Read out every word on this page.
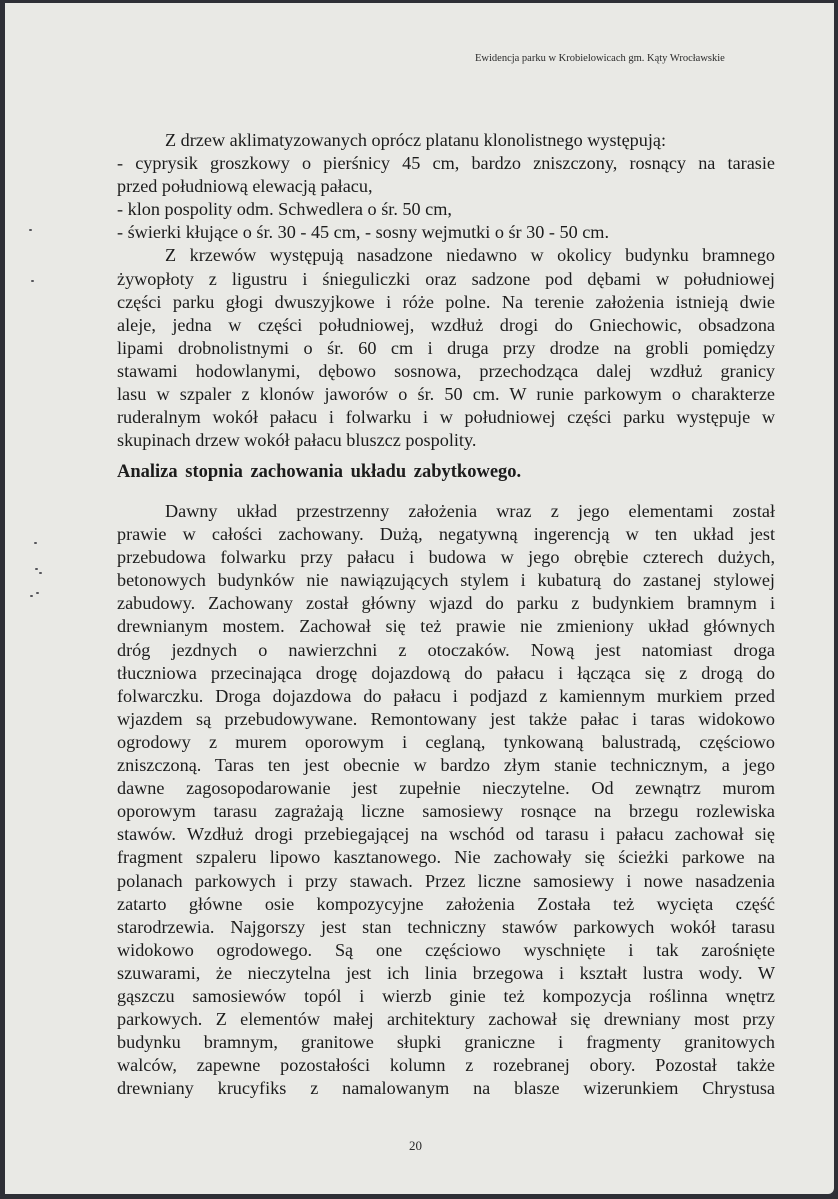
Ewidencja parku w Krobielowicach gm. Kąty Wrocławskie
Z drzew aklimatyzowanych oprócz platanu klonolistnego występują:
- cyprysik groszkowy o pierśnicy 45 cm, bardzo zniszczony, rosnący na tarasie
przed południową elewacją pałacu,
- klon pospolity odm. Schwedlera o śr. 50 cm,
- świerki kłujące o śr. 30 - 45 cm, - sosny wejmutki o śr 30 - 50 cm.
Z krzewów występują nasadzone niedawno w okolicy budynku bramnego
żywopłoty z ligustru i śnieguliczki oraz sadzone pod dębami w południowej
części parku głogi dwuszyjkowe i róże polne. Na terenie założenia istnieją dwie
aleje, jedna w części południowej, wzdłuż drogi do Gniechowic, obsadzona
lipami drobnolistnymi o śr. 60 cm i druga przy drodze na grobli pomiędzy
stawami hodowlanymi, dębowo sosnowa, przechodząca dalej wzdłuż granicy
lasu w szpaler z klonów jaworów o śr. 50 cm. W runie parkowym o charakterze
ruderalnym wokół pałacu i folwarku i w południowej części parku występuje w
skupinach drzew wokół pałacu bluszcz pospolity.
Analiza stopnia zachowania układu zabytkowego.
Dawny układ przestrzenny założenia wraz z jego elementami został
prawie w całości zachowany. Dużą, negatywną ingerencją w ten układ jest
przebudowa folwarku przy pałacu i budowa w jego obrębie czterech dużych,
betonowych budynków nie nawiązujących stylem i kubaturą do zastanej stylowej
zabudowy. Zachowany został główny wjazd do parku z budynkiem bramnym i
drewnianym mostem. Zachował się też prawie nie zmieniony układ głównych
dróg jezdnych o nawierzchni z otoczaków. Nową jest natomiast droga
tłuczniowa przecinająca drogę dojazdową do pałacu i łącząca się z drogą do
folwarczku. Droga dojazdowa do pałacu i podjazd z kamiennym murkiem przed
wjazdem są przebudowywane. Remontowany jest także pałac i taras widokowo
ogrodowy z murem oporowym i ceglaną, tynkowaną balustradą, częściowo
zniszczoną. Taras ten jest obecnie w bardzo złym stanie technicznym, a jego
dawne zagosopodarowanie jest zupełnie nieczytelne. Od zewnątrz murom
oporowym tarasu zagrażają liczne samosiewy rosnące na brzegu rozlewiska
stawów. Wzdłuż drogi przebiegającej na wschód od tarasu i pałacu zachował się
fragment szpaleru lipowo kasztanowego. Nie zachowały się ścieżki parkowe na
polanach parkowych i przy stawach. Przez liczne samosiewy i nowe nasadzenia
zatarto główne osie kompozycyjne założenia Została też wycięta część
starodrzewia. Najgorszy jest stan techniczny stawów parkowych wokół tarasu
widokowo ogrodowego. Są one częściowo wyschnięte i tak zarośnięte
szuwarami, że nieczytelna jest ich linia brzegowa i kształt lustra wody. W
gąszczu samosiewów topól i wierzb ginie też kompozycja roślinna wnętrz
parkowych. Z elementów małej architektury zachował się drewniany most przy
budynku bramnym, granitowe słupki graniczne i fragmenty granitowych
walców, zapewne pozostałości kolumn z rozebranej obory. Pozostał także
drewniany krucyfiks z namalowanym na blasze wizerunkiem Chrystusa
20
